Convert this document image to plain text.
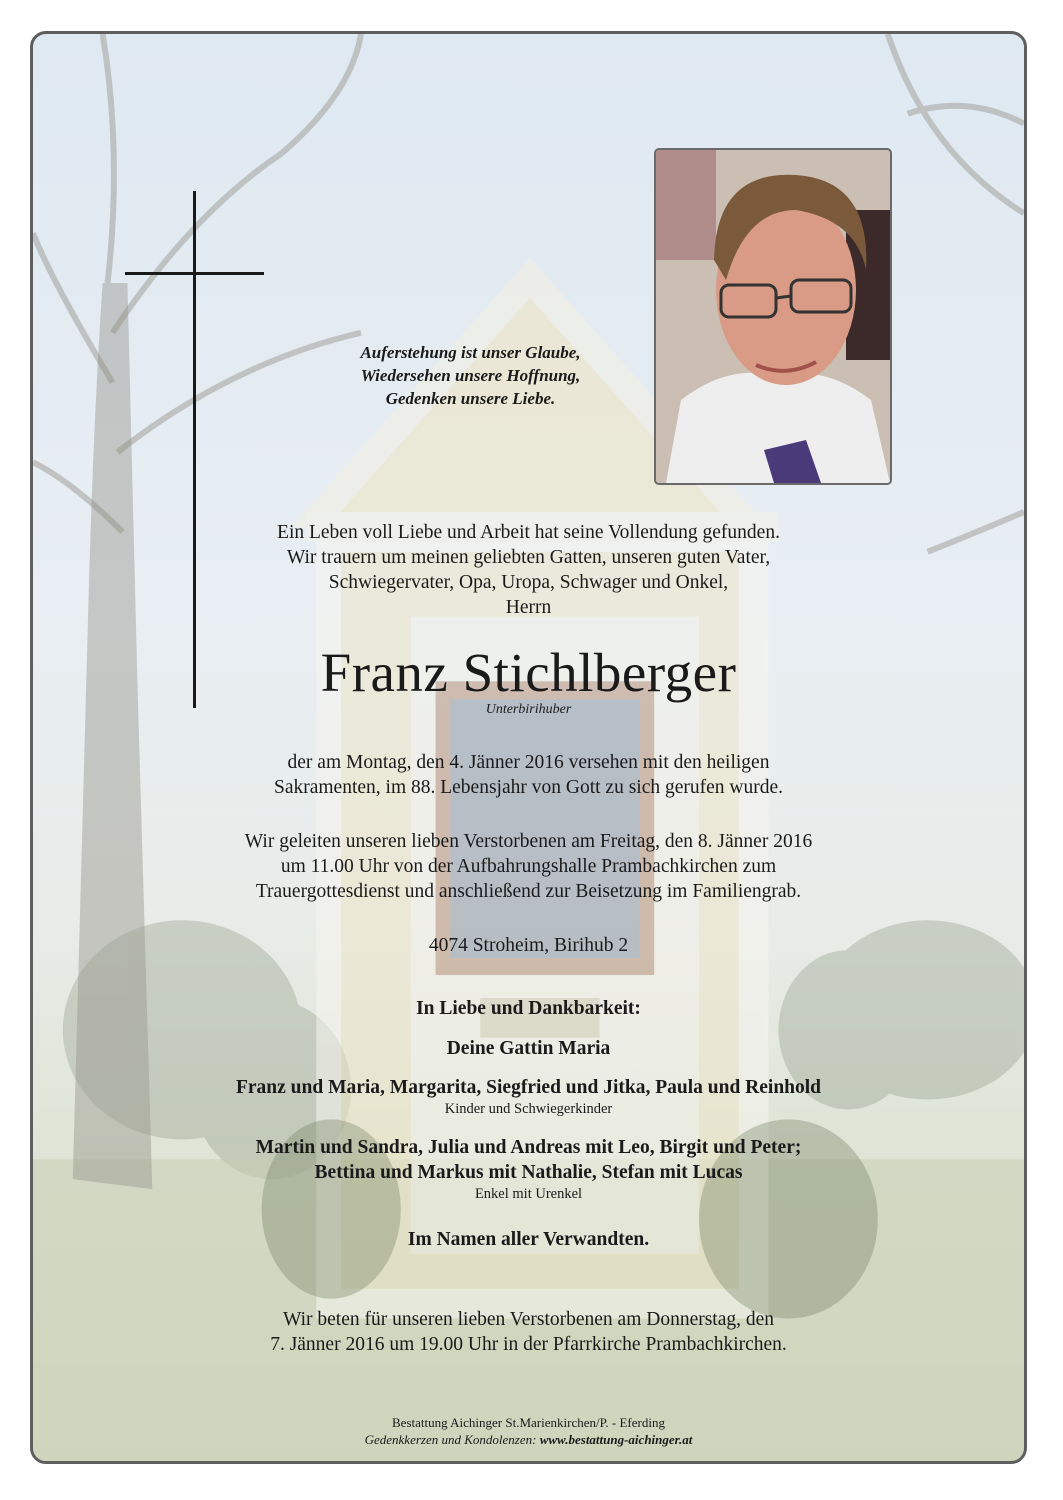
Auferstehung ist unser Glaube,
Wiedersehen unsere Hoffnung,
Gedenken unsere Liebe.
Ein Leben voll Liebe und Arbeit hat seine Vollendung gefunden.
Wir trauern um meinen geliebten Gatten, unseren guten Vater,
Schwiegervater, Opa, Uropa, Schwager und Onkel,
Herrn
Franz Stichlberger
Unterbirihuber
der am Montag, den 4. Jänner 2016 versehen mit den heiligen
Sakramenten, im 88. Lebensjahr von Gott zu sich gerufen wurde.
Wir geleiten unseren lieben Verstorbenen am Freitag, den 8. Jänner 2016
um 11.00 Uhr von der Aufbahrungshalle Prambachkirchen zum
Trauergottesdienst und anschließend zur Beisetzung im Familiengrab.
4074 Stroheim, Birihub 2
In Liebe und Dankbarkeit:
Deine Gattin Maria
Franz und Maria, Margarita, Siegfried und Jitka, Paula und Reinhold
Kinder und Schwiegerkinder
Martin und Sandra, Julia und Andreas mit Leo, Birgit und Peter;
Bettina und Markus mit Nathalie, Stefan mit Lucas
Enkel mit Urenkel
Im Namen aller Verwandten.
Wir beten für unseren lieben Verstorbenen am Donnerstag, den
7. Jänner 2016 um 19.00 Uhr in der Pfarrkirche Prambachkirchen.
Bestattung Aichinger St.Marienkirchen/P. - Eferding
Gedenkkerzen und Kondolenzen: www.bestattung-aichinger.at
